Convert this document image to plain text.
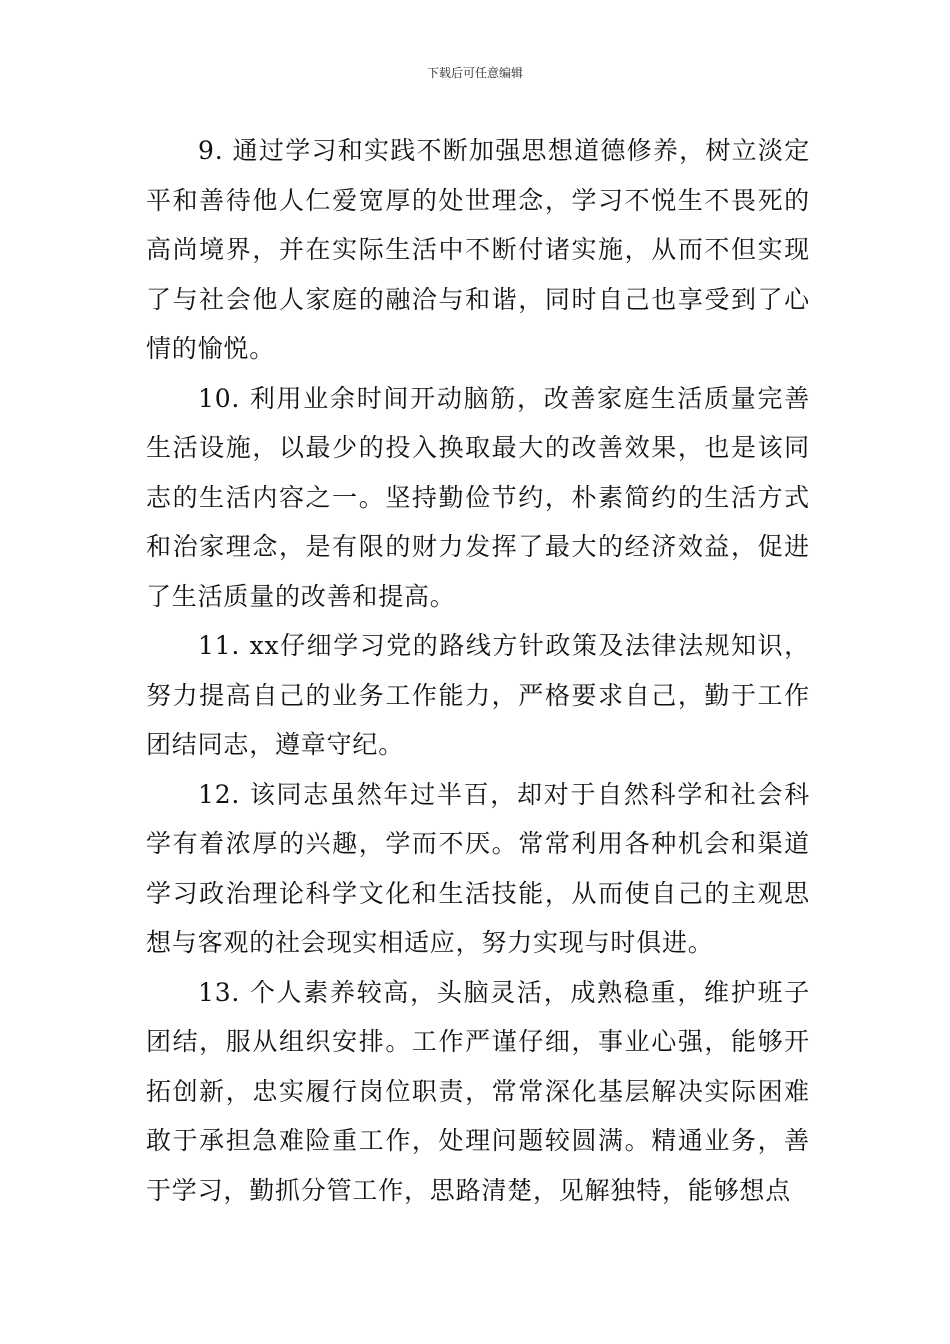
下载后可任意编辑

9. 通过学习和实践不断加强思想道德修养，树立淡定平和善待他人仁爱宽厚的处世理念，学习不悦生不畏死的高尚境界，并在实际生活中不断付诸实施，从而不但实现了与社会他人家庭的融洽与和谐，同时自己也享受到了心情的愉悦。

10. 利用业余时间开动脑筋，改善家庭生活质量完善生活设施，以最少的投入换取最大的改善效果，也是该同志的生活内容之一。坚持勤俭节约，朴素简约的生活方式和治家理念，是有限的财力发挥了最大的经济效益，促进了生活质量的改善和提高。

11. xx仔细学习党的路线方针政策及法律法规知识，努力提高自己的业务工作能力，严格要求自己，勤于工作团结同志，遵章守纪。

12. 该同志虽然年过半百，却对于自然科学和社会科学有着浓厚的兴趣，学而不厌。常常利用各种机会和渠道学习政治理论科学文化和生活技能，从而使自己的主观思想与客观的社会现实相适应，努力实现与时俱进。

13. 个人素养较高，头脑灵活，成熟稳重，维护班子团结，服从组织安排。工作严谨仔细，事业心强，能够开拓创新，忠实履行岗位职责，常常深化基层解决实际困难敢于承担急难险重工作，处理问题较圆满。精通业务，善于学习，勤抓分管工作，思路清楚，见解独特，能够想点
